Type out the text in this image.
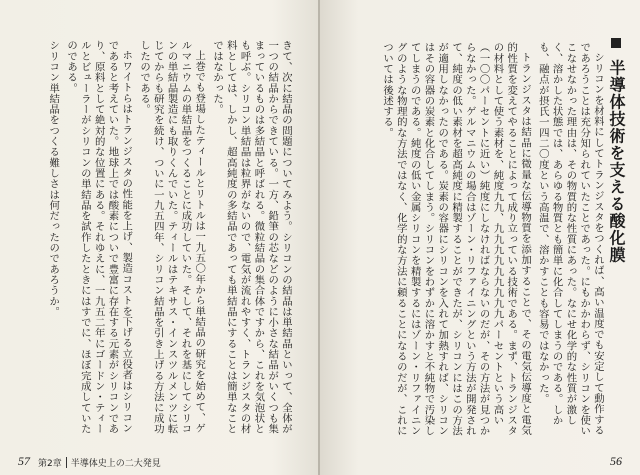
きて、次に結晶の問題についてみよう。シリコンの結晶は単結晶といって、全体が一つの結晶からできている。一方、鉛筆の芯などのように小さな結晶がいくつも集まっているものは多結晶と呼ばれる。微粒結晶の集合体ですから、これを気泡状とも呼ぶ。シリコン単結晶は粒界がないので、電気が流れやすく、トランジスタの材料としては、しかし、超高純度の多結晶であっても単結晶にすることは簡単なことではなかった。

上巻でも登場したティールとリトルは一九五〇年から単結晶の研究を始めて、ゲルマニウムの単結晶をつくることに成功していた。そして、それを基にしてシリコンの単結晶製造にも取りくんでいた。ティールはテキサス・インスツルメンツに転じてからも研究を続け、ついに一九五四年、シリコン結晶を引き上げる方法に成功したのである。

ホワイトらはトランジスタの性能を上げ、製造コストを下げる立役者はシリコンであると考えていた。地球上では酸素についで豊富に存在する元素がシリコンであり、原料として絶対的な位置にある。それゆえに、一九五二年にゴードン・ティールとビューラーがシリコンの単結晶を試作したときにはすでに、ほぼ完成していたのである。

シリコン単結晶をつくる難しさは何だったのであろうか。

57 第2章 半導体史上の二大発見
半導体技術を支える酸化膜

シリコンを材料にしてトランジスタをつくれば、高い温度でも安定して動作するであろうことは充分知られていたことであった。にもかかわらず、シリコンを使いこなせなかった理由は、その物質的な性質にあった。なにせ化学的な性質が激しく、溶かした状態では、あらゆる物質とも簡単に化合してしまうのである。しかも、融点が摂氏一四二〇度という高温で、溶かすことも容易ではなかった。

トランジスタは結晶に微量な伝導物質を添加することで、その電気伝導度と電気的性質を変えてやることによって成り立っている技術である。まず、トランジスタの材料として使う素材を、純度九九、九九九九九九九九九パーセントという高い（一〇〇パーセントに近い）純度にしなければならないのだが、その方法が見つからなかった。ゲルマニウムの場合はゾーン・リファイニングという方法が開発されて、純度の低い素材を超高純度に精製することができたが、シリコンにはこの方法が適用しなかったのである。炭素の容器にシリコンを入れて加熱すれば、シリコンはその容器の炭素と化合してしまう。シリコンをわずかに溶かすと不純物で汚染してしまうのである。純度の低い金属シリコンを精製するにはゾーン・リファイニングのような物理的な方法ではなく、化学的な方法に頼ることになるのだが、これについては後述する。

56
